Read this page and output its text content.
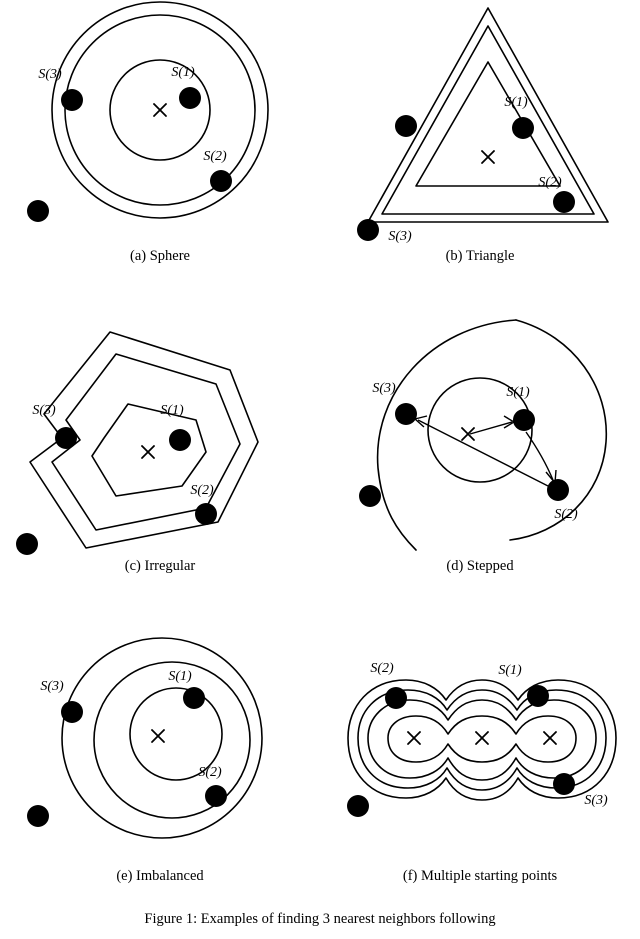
S(3)	S(1)
S(2)
(a) Sphere
S(1)
S(2)
S(3)
(b) Triangle
S(3)	S(1)
S(2)
(c) Irregular
S(3)	S(1)
S(2)
(d) Stepped
S(3)
S(1)
S(2)
(e) Imbalanced
S(2)	S(1)
S(3)
(f) Multiple starting points
Figure 1: Examples of finding 3 nearest neighbors following
